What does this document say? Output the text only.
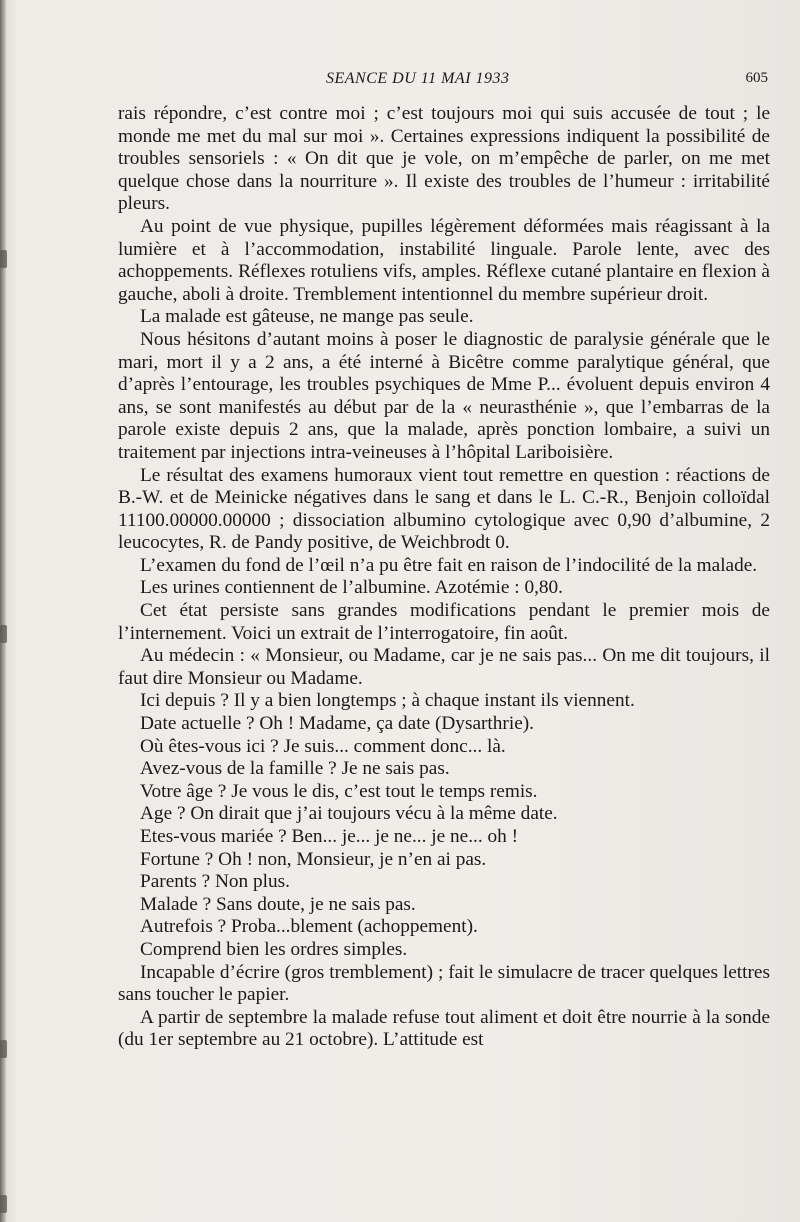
SEANCE DU 11 MAI 1933	605

rais répondre, c’est contre moi ; c’est toujours moi qui suis accusée de tout ; le monde me met du mal sur moi ». Certaines expressions indiquent la possibilité de troubles sensoriels : « On dit que je vole, on m’empêche de parler, on me met quelque chose dans la nourriture ». Il existe des troubles de l’humeur : irritabilité pleurs.

Au point de vue physique, pupilles légèrement déformées mais réagissant à la lumière et à l’accommodation, instabilité linguale. Parole lente, avec des achoppements. Réflexes rotuliens vifs, amples. Réflexe cutané plantaire en flexion à gauche, aboli à droite. Tremblement intentionnel du membre supérieur droit.

La malade est gâteuse, ne mange pas seule.

Nous hésitons d’autant moins à poser le diagnostic de paralysie générale que le mari, mort il y a 2 ans, a été interné à Bicêtre comme paralytique général, que d’après l’entourage, les troubles psychiques de Mme P... évoluent depuis environ 4 ans, se sont manifestés au début par de la « neurasthénie », que l’embarras de la parole existe depuis 2 ans, que la malade, après ponction lombaire, a suivi un traitement par injections intra-veineuses à l’hôpital Lariboisière.

Le résultat des examens humoraux vient tout remettre en question : réactions de B.-W. et de Meinicke négatives dans le sang et dans le L. C.-R., Benjoin colloïdal 11100.00000.00000 ; dissociation albumino cytologique avec 0,90 d’albumine, 2 leucocytes, R. de Pandy positive, de Weichbrodt 0.

L’examen du fond de l’œil n’a pu être fait en raison de l’indocilité de la malade.

Les urines contiennent de l’albumine. Azotémie : 0,80.

Cet état persiste sans grandes modifications pendant le premier mois de l’internement. Voici un extrait de l’interrogatoire, fin août.

Au médecin : « Monsieur, ou Madame, car je ne sais pas... On me dit toujours, il faut dire Monsieur ou Madame.

Ici depuis ? Il y a bien longtemps ; à chaque instant ils viennent.

Date actuelle ? Oh ! Madame, ça date (Dysarthrie).

Où êtes-vous ici ? Je suis... comment donc... là.

Avez-vous de la famille ? Je ne sais pas.

Votre âge ? Je vous le dis, c’est tout le temps remis.

Age ? On dirait que j’ai toujours vécu à la même date.

Etes-vous mariée ? Ben... je... je ne... je ne... oh !

Fortune ? Oh ! non, Monsieur, je n’en ai pas.

Parents ? Non plus.

Malade ? Sans doute, je ne sais pas.

Autrefois ? Proba...blement (achoppement).

Comprend bien les ordres simples.

Incapable d’écrire (gros tremblement) ; fait le simulacre de tracer quelques lettres sans toucher le papier.

A partir de septembre la malade refuse tout aliment et doit être nourrie à la sonde (du 1er septembre au 21 octobre). L’attitude est
